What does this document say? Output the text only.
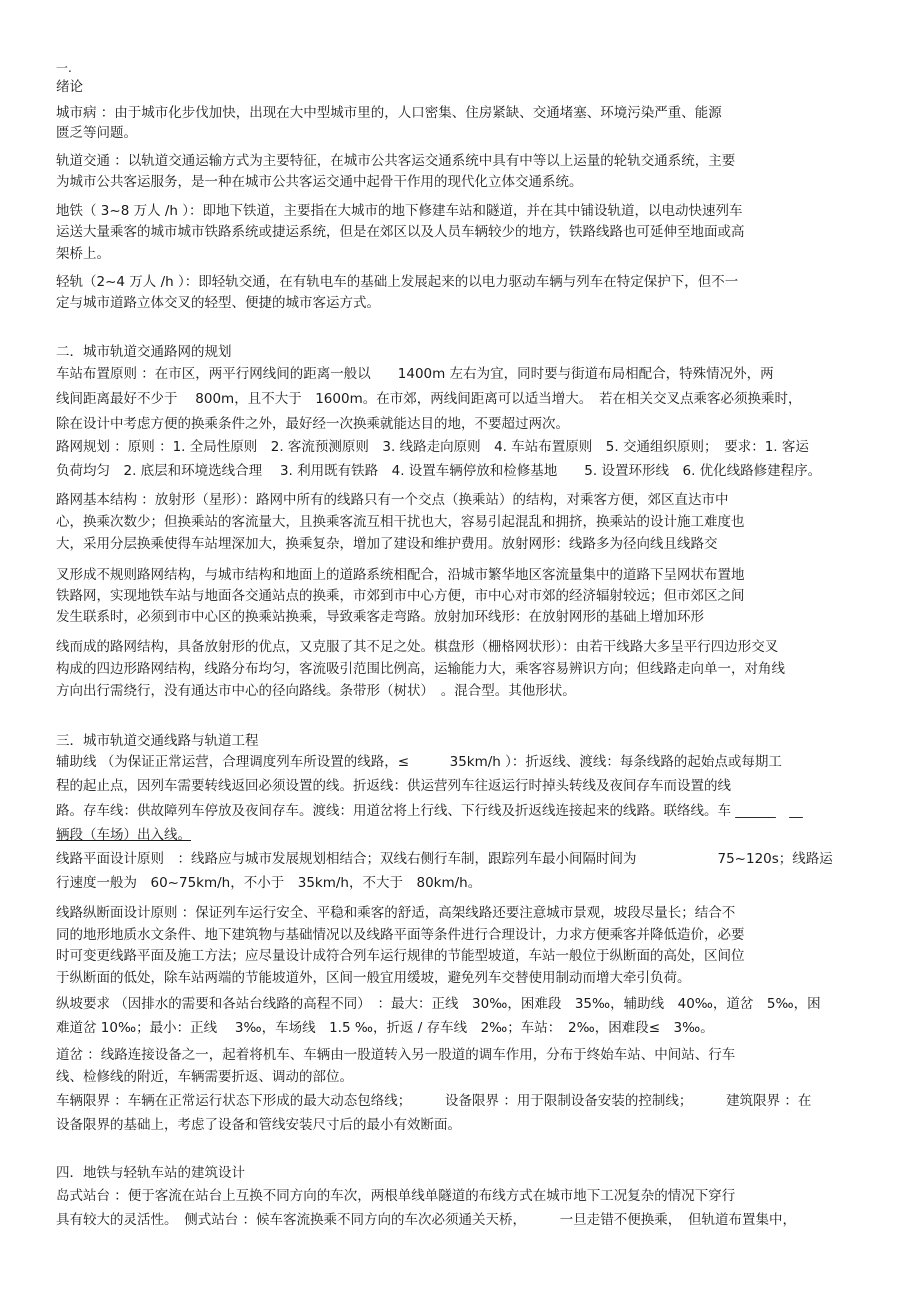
一.
绪论
城市病 ：由于城市化步伐加快，出现在大中型城市里的，人口密集、住房紧缺、交通堵塞、环境污染严重、能源
匮乏等问题。
轨道交通 ：以轨道交通运输方式为主要特征，在城市公共客运交通系统中具有中等以上运量的轮轨交通系统，主要
为城市公共客运服务，是一种在城市公共客运交通中起骨干作用的现代化立体交通系统。
地铁（ 3~8 万人 /h ）：即地下铁道，主要指在大城市的地下修建车站和隧道，并在其中铺设轨道，以电动快速列车
运送大量乘客的城市城市铁路系统或捷运系统，但是在郊区以及人员车辆较少的地方，铁路线路也可延伸至地面或高
架桥上。
轻轨（2~4 万人 /h ）：即轻轨交通，在有轨电车的基础上发展起来的以电力驱动车辆与列车在特定保护下，但不一
定与城市道路立体交叉的轻型、便捷的城市客运方式。
二．城市轨道交通路网的规划
车站布置原则 ：在市区，两平行网线间的距离一般以　　1400m 左右为宜，同时要与街道布局相配合，特殊情况外，两
线间距离最好不少于　 800m，且不大于　1600m。在市郊，两线间距离可以适当增大。　若在相关交叉点乘客必须换乘时，
除在设计中考虑方便的换乘条件之外，最好经一次换乘就能达目的地，不要超过两次。
路网规划 ：原则 ：1. 全局性原则　2. 客流预测原则　3. 线路走向原则　4. 车站布置原则　5. 交通组织原则；　要求：1. 客运
负荷均匀　2. 底层和环境选线合理　 3. 利用既有铁路　4. 设置车辆停放和检修基地　　5. 设置环形线　6. 优化线路修建程序。
路网基本结构 ：放射形（星形）：路网中所有的线路只有一个交点（换乘站）的结构，对乘客方便，郊区直达市中
心，换乘次数少；但换乘站的客流量大，且换乘客流互相干扰也大，容易引起混乱和拥挤，换乘站的设计施工难度也
大，采用分层换乘使得车站埋深加大，换乘复杂，增加了建设和维护费用。放射网形：线路多为径向线且线路交
叉形成不规则路网结构，与城市结构和地面上的道路系统相配合，沿城市繁华地区客流量集中的道路下呈网状布置地
铁路网，实现地铁车站与地面各交通站点的换乘，市郊到市中心方便，市中心对市郊的经济辐射较远；但市郊区之间
发生联系时，必须到市中心区的换乘站换乘，导致乘客走弯路。放射加环线形：在放射网形的基础上增加环形
线而成的路网结构，具备放射形的优点，又克服了其不足之处。棋盘形（栅格网状形）：由若干线路大多呈平行四边形交叉
构成的四边形路网结构，线路分布均匀，客流吸引范围比例高，运输能力大，乘客容易辨识方向；但线路走向单一，对角线
方向出行需绕行，没有通达市中心的径向路线。条带形（树状）　。混合型。其他形状。
三．城市轨道交通线路与轨道工程
辅助线 （为保证正常运营，合理调度列车所设置的线路，≤　　　35km/h ）：折返线、渡线：每条线路的起始点或每期工
程的起止点，因列车需要转线返回必须设置的线。折返线：供运营列车往返运行时掉头转线及夜间存车而设置的线
路。存车线：供故障列车停放及夜间存车。渡线：用道岔将上行线、下行线及折返线连接起来的线路。联络线。车 ______　__
辆段（车场）出入线。
线路平面设计原则　：线路应与城市发展规划相结合；双线右侧行车制，跟踪列车最小间隔时间为　　　　　　75~120s；线路运
行速度一般为　60~75km/h，不小于　35km/h，不大于　80km/h。
线路纵断面设计原则 ：保证列车运行安全、平稳和乘客的舒适，高架线路还要注意城市景观，坡段尽量长；结合不
同的地形地质水文条件、地下建筑物与基础情况以及线路平面等条件进行合理设计，力求方便乘客并降低造价，必要
时可变更线路平面及施工方法；应尽量设计成符合列车运行规律的节能型坡道，车站一般位于纵断面的高处，区间位
于纵断面的低处，除车站两端的节能坡道外，区间一般宜用缓坡，避免列车交替使用制动而增大牵引负荷。
纵坡要求 （因排水的需要和各站台线路的高程不同）　：最大：正线　30‰，困难段　35‰，辅助线　40‰，道岔　5‰，困
难道岔 10‰；最小：正线　 3‰，车场线　1.5 ‰，折返 / 存车线　2‰；车站：　2‰，困难段≤　3‰。
道岔 ：线路连接设备之一，起着将机车、车辆由一股道转入另一股道的调车作用，分布于终始车站、中间站、行车
线、检修线的附近，车辆需要折返、调动的部位。
车辆限界 ：车辆在正常运行状态下形成的最大动态包络线；　　　设备限界 ：用于限制设备安装的控制线；　　　建筑限界 ：在
设备限界的基础上，考虑了设备和管线安装尺寸后的最小有效断面。
四．地铁与轻轨车站的建筑设计
岛式站台 ：便于客流在站台上互换不同方向的车次，两根单线单隧道的布线方式在城市地下工况复杂的情况下穿行
具有较大的灵活性。　侧式站台 ：候车客流换乘不同方向的车次必须通关天桥，　　　一旦走错不便换乘，　但轨道布置集中，
